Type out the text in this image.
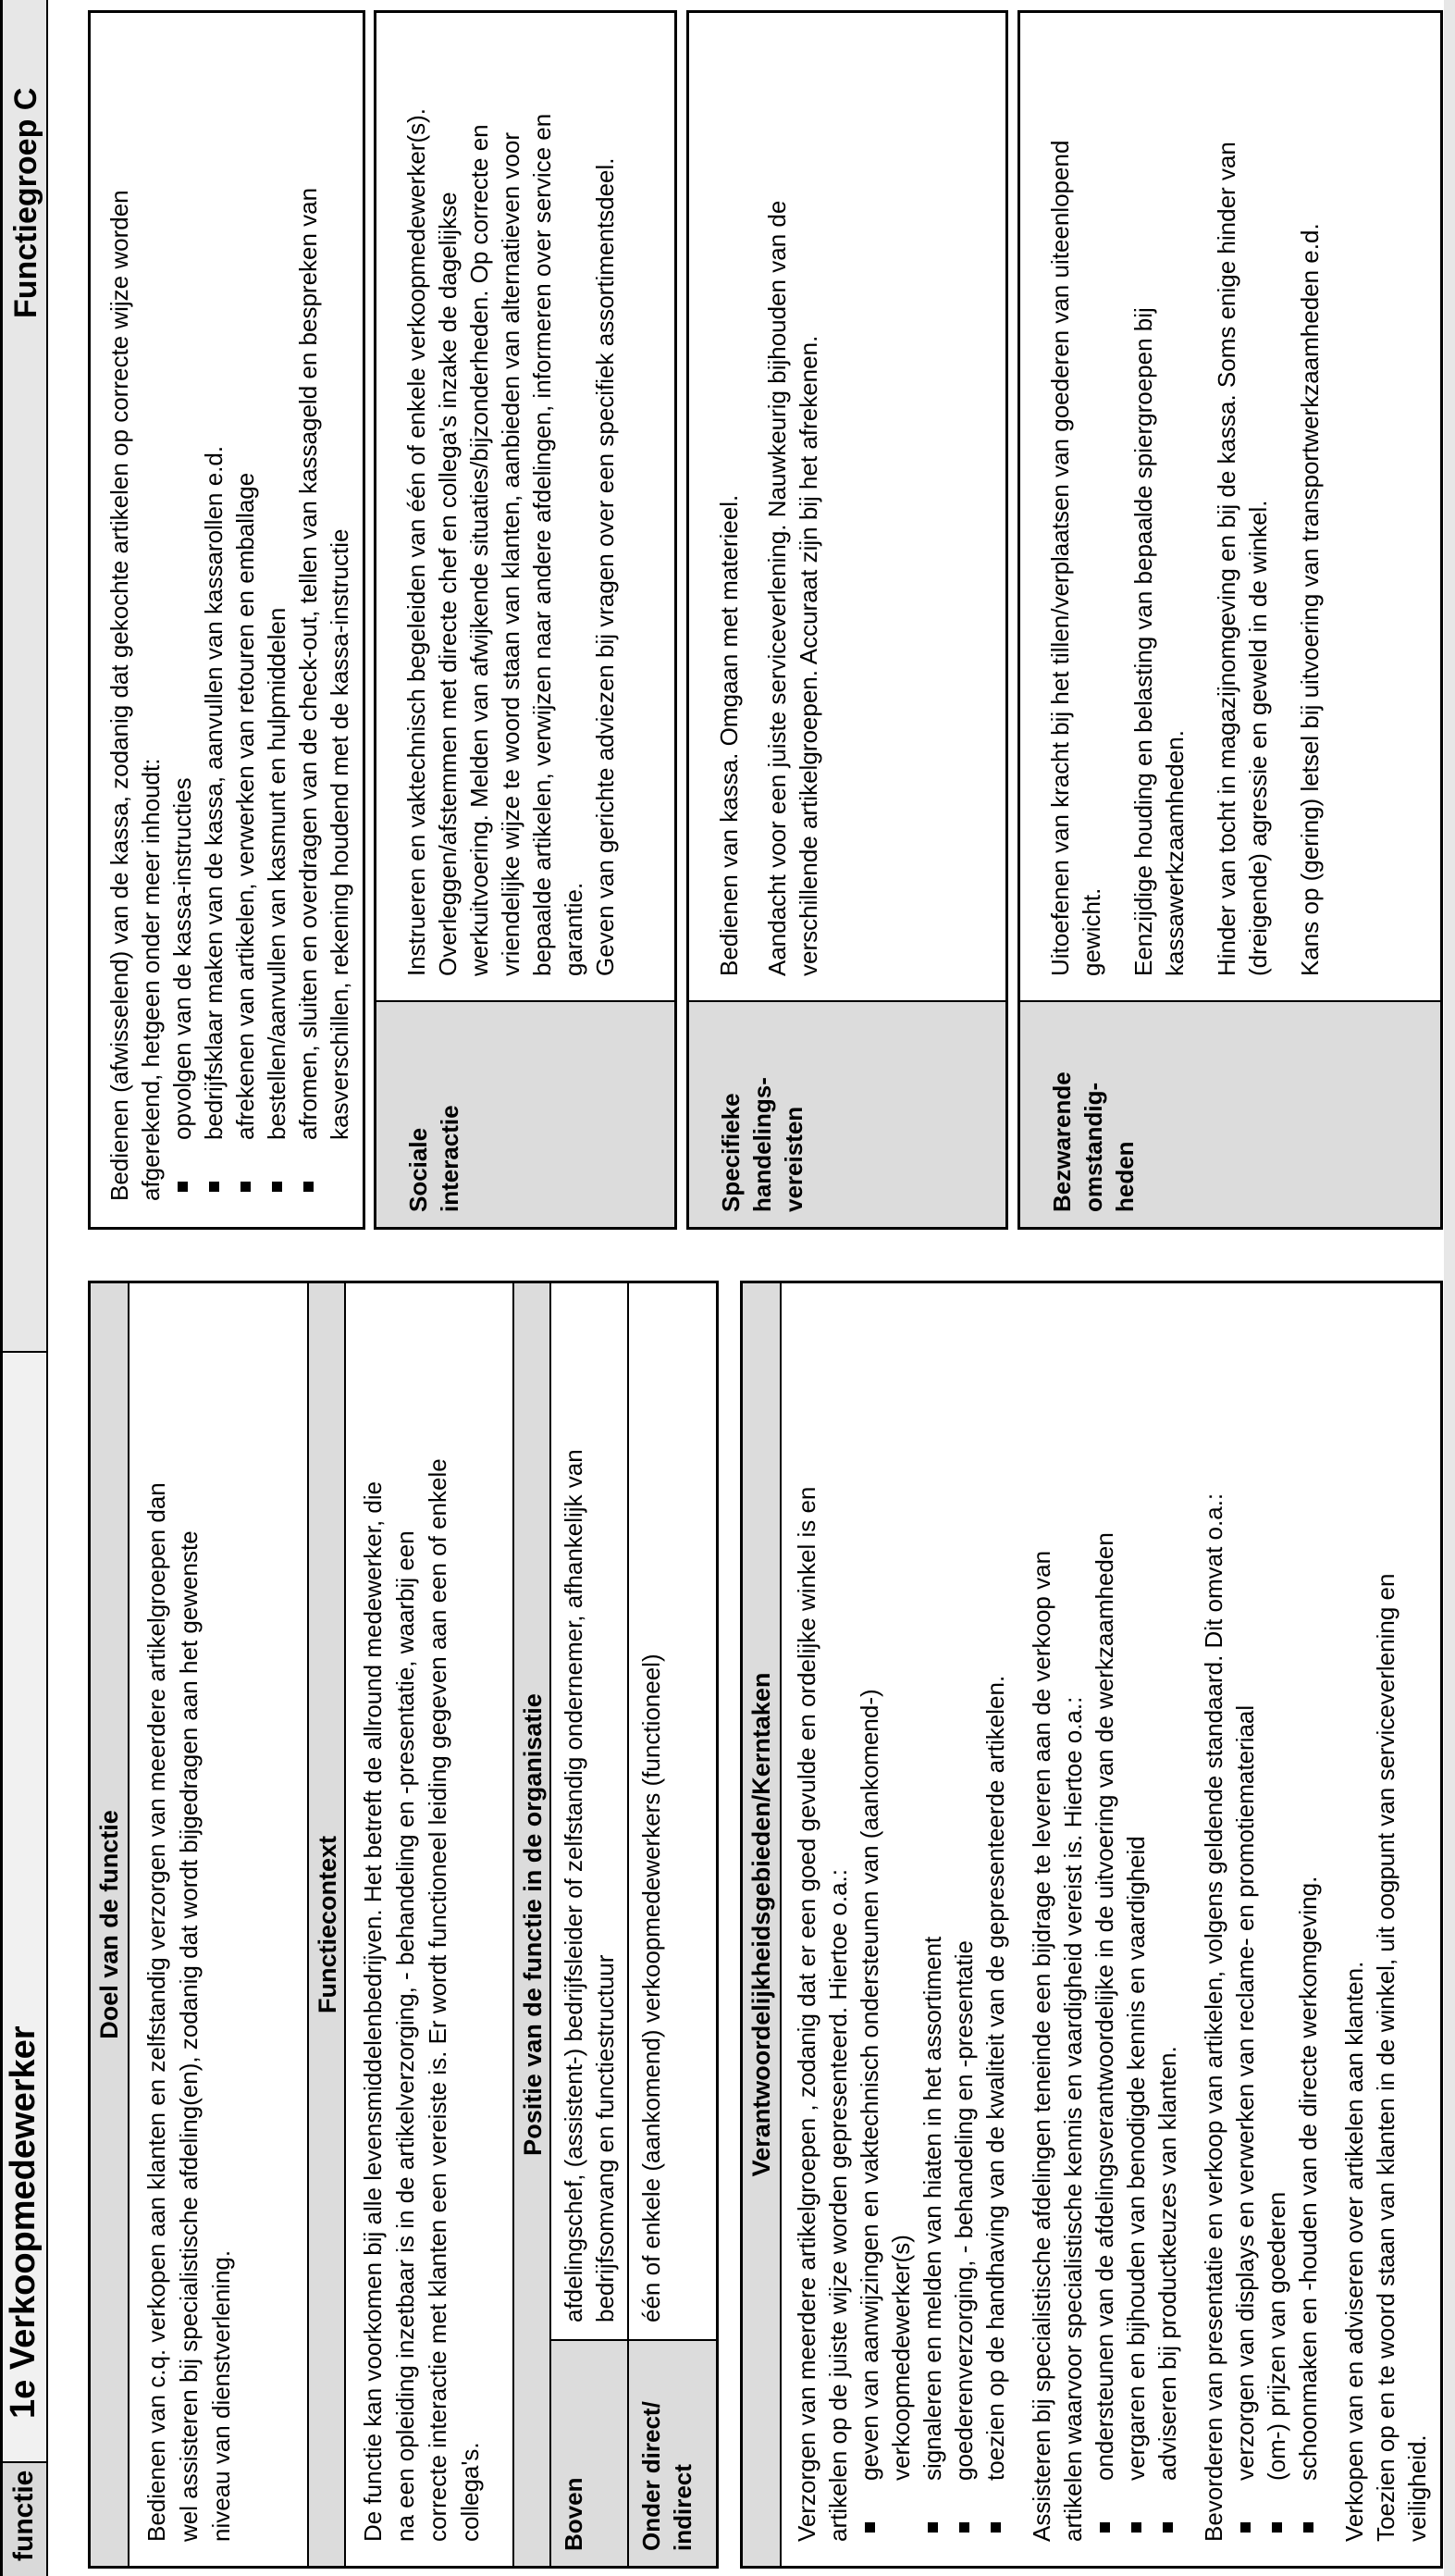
functie
1e Verkoopmedewerker
Functiegroep C
Doel van de functie Bedienen van c.q. verkopen aan klanten en zelfstandig verzorgen van meerdere artikelgroepen dan wel assisteren bij specialistische afdeling(en), zodanig dat wordt bijgedragen aan het gewenste niveau van dienstverlening.
Functiecontext De functie kan voorkomen bij alle levensmiddelenbedrijven. Het betreft de allround medewerker, die na een opleiding inzetbaar is in de artikelverzorging, - behandeling en -presentatie, waarbij een correcte interactie met klanten een vereiste is. Er wordt functioneel leiding gegeven aan een of enkele collega's.
Positie van de functie in de organisatie
Boven
afdelingschef, (assistent-) bedrijfsleider of zelfstandig ondernemer, afhankelijk van bedrijfsomvang en functiestructuur
Onder direct/ indirect
één of enkele (aankomend) verkoopmedewerkers (functioneel)	Verantwoordelijkheidsgebieden/Kerntaken Verzorgen van meerdere artikelgroepen , zodanig dat er een goed gevulde en ordelijke winkel is en artikelen op de juiste wijze worden gepresenteerd. Hiertoe o.a.: geven van aanwijzingen en vaktechnisch ondersteunen van (aankomend-) verkoopmedewerker(s) signaleren en melden van hiaten in het assortiment goederenverzorging, - behandeling en -presentatie toezien op de handhaving van de kwaliteit van de gepresenteerde artikelen. Assisteren bij specialistische afdelingen teneinde een bijdrage te leveren aan de verkoop van artikelen waarvoor specialistische kennis en vaardigheid vereist is. Hiertoe o.a.: ondersteunen van de afdelingsverantwoordelijke in de uitvoering van de werkzaamheden vergaren en bijhouden van benodigde kennis en vaardigheid adviseren bij productkeuzes van klanten. Bevorderen van presentatie en verkoop van artikelen, volgens geldende standaard. Dit omvat o.a.: verzorgen van displays en verwerken van reclame- en promotiemateriaal (om-) prijzen van goederen schoonmaken en -houden van de directe werkomgeving. Verkopen van en adviseren over artikelen aan klanten. Toezien op en te woord staan van klanten in de winkel, uit oogpunt van serviceverlening en veiligheid.
Bedienen (afwisselend) van de kassa, zodanig dat gekochte artikelen op correcte wijze worden afgerekend, hetgeen onder meer inhoudt: opvolgen van de kassa-instructies bedrijfsklaar maken van de kassa, aanvullen van kassarollen e.d. afrekenen van artikelen, verwerken van retouren en emballage bestellen/aanvullen van kasmunt en hulpmiddelen afromen, sluiten en overdragen van de check-out, tellen van kassageld en bespreken van kasverschillen, rekening houdend met de kassa-instructie
Sociale interactie
Instrueren en vaktechnisch begeleiden van één of enkele verkoopmedewerker(s). Overleggen/afstemmen met directe chef en collega's inzake de dagelijkse werkuitvoering. Melden van afwijkende situaties/bijzonderheden. Op correcte en vriendelijke wijze te woord staan van klanten, aanbieden van alternatieven voor bepaalde artikelen, verwijzen naar andere afdelingen, informeren over service en garantie. Geven van gerichte adviezen bij vragen over een specifiek assortimentsdeel.
Specifieke handelings- vereisten
Bedienen van kassa. Omgaan met materieel. Aandacht voor een juiste serviceverlening. Nauwkeurig bijhouden van de verschillende artikelgroepen. Accuraat zijn bij het afrekenen.
Bezwarende omstandig- heden
Uitoefenen van kracht bij het tillen/verplaatsen van goederen van uiteenlopend gewicht. Eenzijdige houding en belasting van bepaalde spiergroepen bij kassawerkzaamheden. Hinder van tocht in magazijnomgeving en bij de kassa. Soms enige hinder van (dreigende) agressie en geweld in de winkel. Kans op (gering) letsel bij uitvoering van transportwerkzaamheden e.d.
